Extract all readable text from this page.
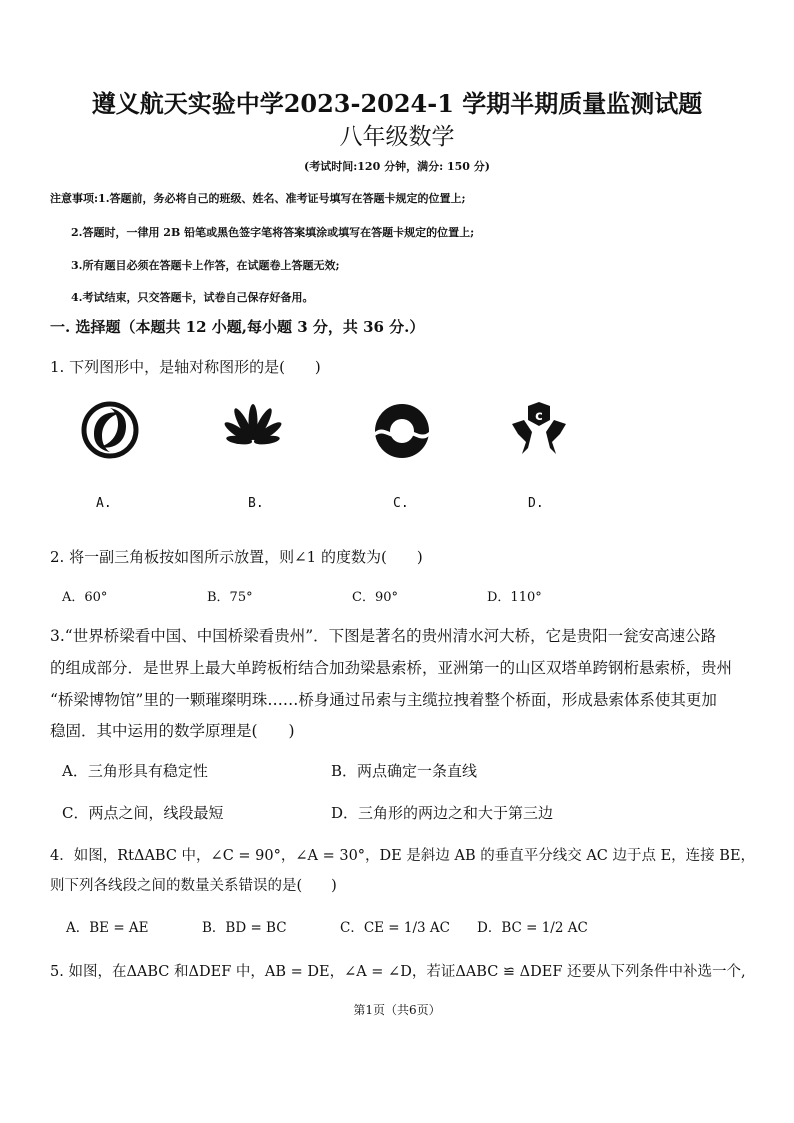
遵义航天实验中学2023-2024-1 学期半期质量监测试题
八年级数学
(考试时间:120 分钟，满分: 150 分)
注意事项:1.答题前，务必将自己的班级、姓名、准考证号填写在答题卡规定的位置上;
2.答题时，一律用 2B 铅笔或黑色签字笔将答案填涂或填写在答题卡规定的位置上;
3.所有题目必须在答题卡上作答，在试题卷上答题无效;
4.考试结束，只交答题卡，试卷自己保存好备用。
一. 选择题（本题共 12 小题,每小题 3 分，共 36 分.）
1. 下列图形中，是轴对称图形的是(　　)
c
A.	B.	C.	D.
2. 将一副三角板按如图所示放置，则∠1 的度数为(　　)
A．60°	B．75°	C．90°	D．110°
3.“世界桥梁看中国、中国桥梁看贵州”．下图是著名的贵州清水河大桥，它是贵阳一瓮安高速公路
的组成部分．是世界上最大单跨板桁结合加劲梁悬索桥，亚洲第一的山区双塔单跨钢桁悬索桥，贵州
“桥梁博物馆”里的一颗璀璨明珠……桥身通过吊索与主缆拉拽着整个桥面，形成悬索体系使其更加
稳固．其中运用的数学原理是(　　)
A．三角形具有稳定性	B．两点确定一条直线
C．两点之间，线段最短	D．三角形的两边之和大于第三边
4．如图，RtΔABC 中，∠C = 90°，∠A = 30°，DE 是斜边 AB 的垂直平分线交 AC 边于点 E，连接 BE，
则下列各线段之间的数量关系错误的是(　　)
A．BE = AE	B．BD = BC	C．CE = 1/3 AC D．BC = 1/2 AC
5. 如图，在ΔABC 和ΔDEF 中，AB = DE，∠A = ∠D，若证ΔABC ≌ ΔDEF 还要从下列条件中补选一个,
第1页（共6页）
